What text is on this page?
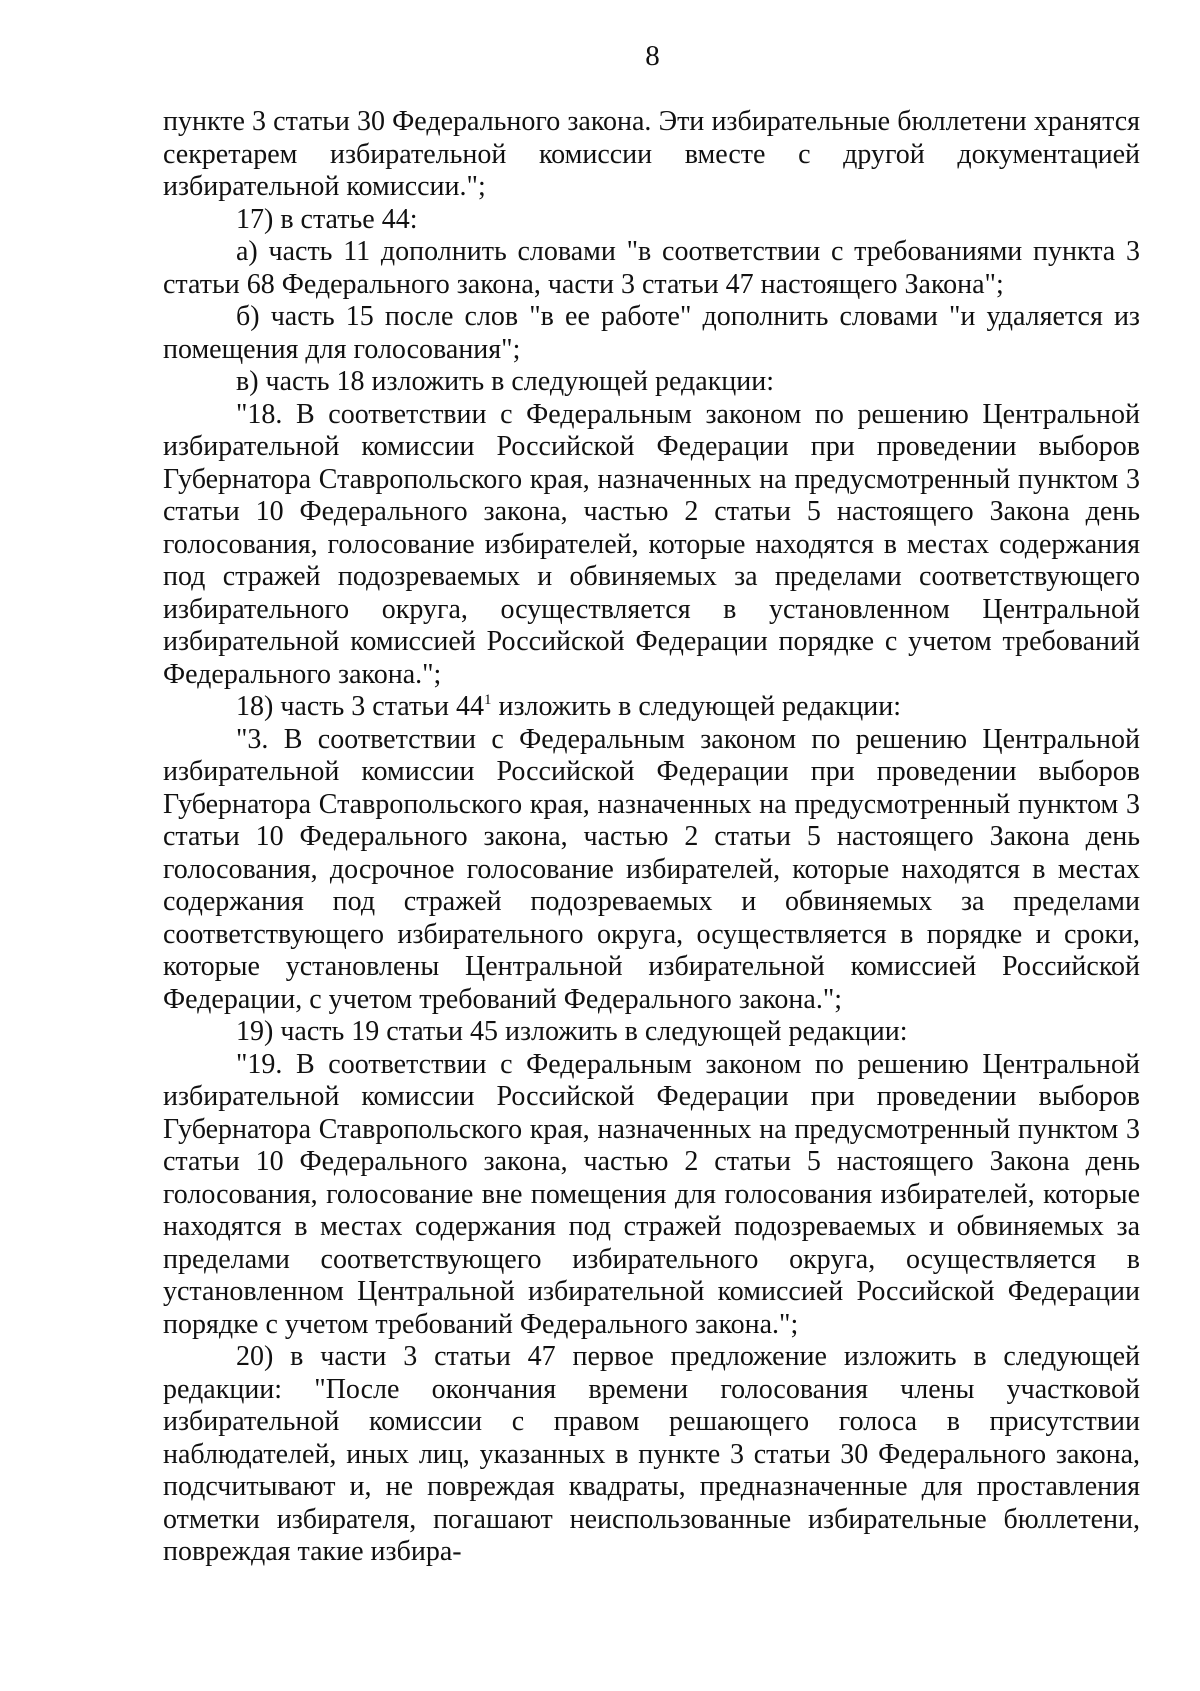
8

пункте 3 статьи 30 Федерального закона. Эти избирательные бюллетени хранятся секретарем избирательной комиссии вместе с другой документацией избирательной комиссии.";

17) в статье 44:

а) часть 11 дополнить словами "в соответствии с требованиями пункта 3 статьи 68 Федерального закона, части 3 статьи 47 настоящего Закона";

б) часть 15 после слов "в ее работе" дополнить словами "и удаляется из помещения для голосования";

в) часть 18 изложить в следующей редакции:

"18. В соответствии с Федеральным законом по решению Центральной избирательной комиссии Российской Федерации при проведении выборов Губернатора Ставропольского края, назначенных на предусмотренный пунктом 3 статьи 10 Федерального закона, частью 2 статьи 5 настоящего Закона день голосования, голосование избирателей, которые находятся в местах содержания под стражей подозреваемых и обвиняемых за пределами соответствующего избирательного округа, осуществляется в установленном Центральной избирательной комиссией Российской Федерации порядке с учетом требований Федерального закона.";

18) часть 3 статьи $44^1$ изложить в следующей редакции:

"3. В соответствии с Федеральным законом по решению Центральной избирательной комиссии Российской Федерации при проведении выборов Губернатора Ставропольского края, назначенных на предусмотренный пунктом 3 статьи 10 Федерального закона, частью 2 статьи 5 настоящего Закона день голосования, досрочное голосование избирателей, которые находятся в местах содержания под стражей подозреваемых и обвиняемых за пределами соответствующего избирательного округа, осуществляется в порядке и сроки, которые установлены Центральной избирательной комиссией Российской Федерации, с учетом требований Федерального закона.";

19) часть 19 статьи 45 изложить в следующей редакции:

"19. В соответствии с Федеральным законом по решению Центральной избирательной комиссии Российской Федерации при проведении выборов Губернатора Ставропольского края, назначенных на предусмотренный пунктом 3 статьи 10 Федерального закона, частью 2 статьи 5 настоящего Закона день голосования, голосование вне помещения для голосования избирателей, которые находятся в местах содержания под стражей подозреваемых и обвиняемых за пределами соответствующего избирательного округа, осуществляется в установленном Центральной избирательной комиссией Российской Федерации порядке с учетом требований Федерального закона.";

20) в части 3 статьи 47 первое предложение изложить в следующей редакции: "После окончания времени голосования члены участковой избирательной комиссии с правом решающего голоса в присутствии наблюдателей, иных лиц, указанных в пункте 3 статьи 30 Федерального закона, подсчитывают и, не повреждая квадраты, предназначенные для проставления отметки избирателя, погашают неиспользованные избирательные бюллетени, повреждая такие избира-
